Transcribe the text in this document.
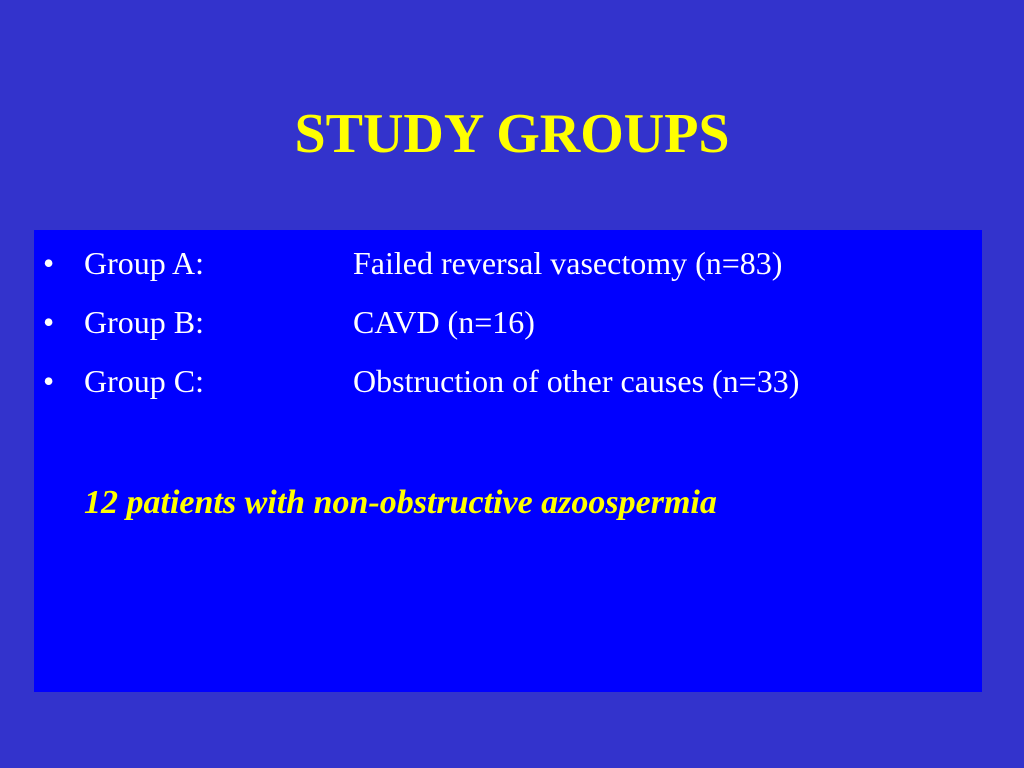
STUDY GROUPS
• Group A:	Failed reversal vasectomy (n=83)
• Group B:	CAVD (n=16)
• Group C:	Obstruction of other causes (n=33)
12 patients with non-obstructive azoospermia
